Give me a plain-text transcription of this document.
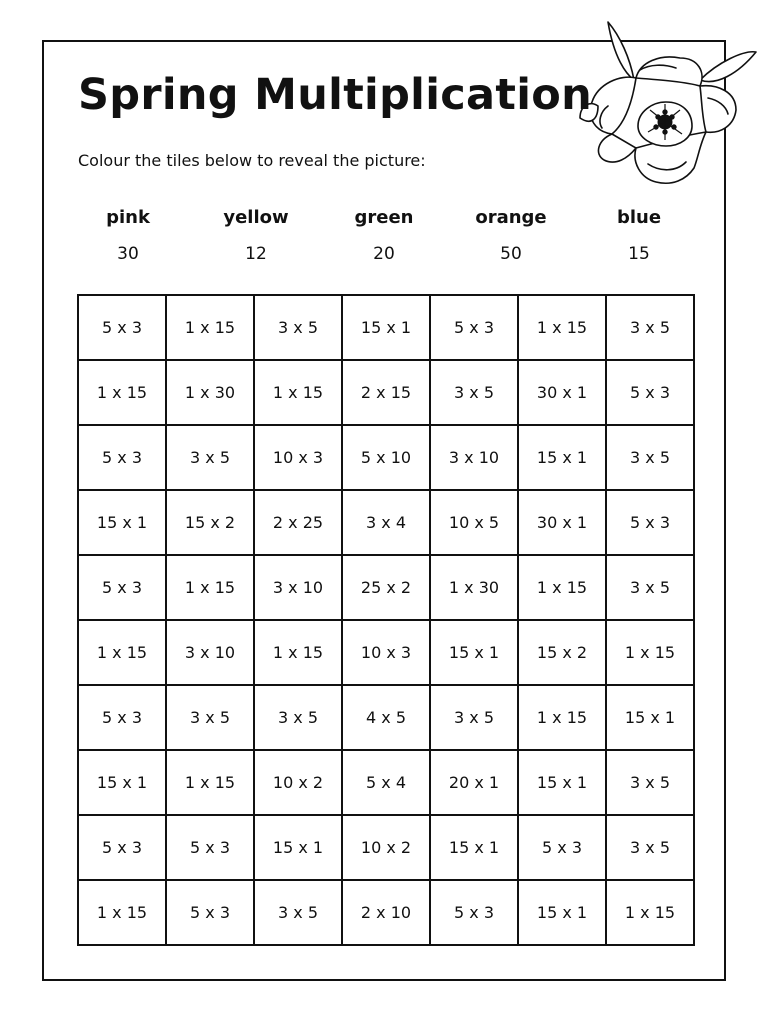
Spring Multiplication

Colour the tiles below to reveal the picture:

pink
30
yellow
12
green
20
orange
50
blue
15
5 x 3	1 x 15	3 x 5	15 x 1	5 x 3	1 x 15	3 x 5
1 x 15	1 x 30	1 x 15	2 x 15	3 x 5	30 x 1	5 x 3
5 x 3	3 x 5	10 x 3	5 x 10	3 x 10	15 x 1	3 x 5
15 x 1	15 x 2	2 x 25	3 x 4	10 x 5	30 x 1	5 x 3
5 x 3	1 x 15	3 x 10	25 x 2	1 x 30	1 x 15	3 x 5
1 x 15	3 x 10	1 x 15	10 x 3	15 x 1	15 x 2	1 x 15
5 x 3	3 x 5	3 x 5	4 x 5	3 x 5	1 x 15	15 x 1
15 x 1	1 x 15	10 x 2	5 x 4	20 x 1	15 x 1	3 x 5
5 x 3	5 x 3	15 x 1	10 x 2	15 x 1	5 x 3	3 x 5
1 x 15	5 x 3	3 x 5	2 x 10	5 x 3	15 x 1	1 x 15
